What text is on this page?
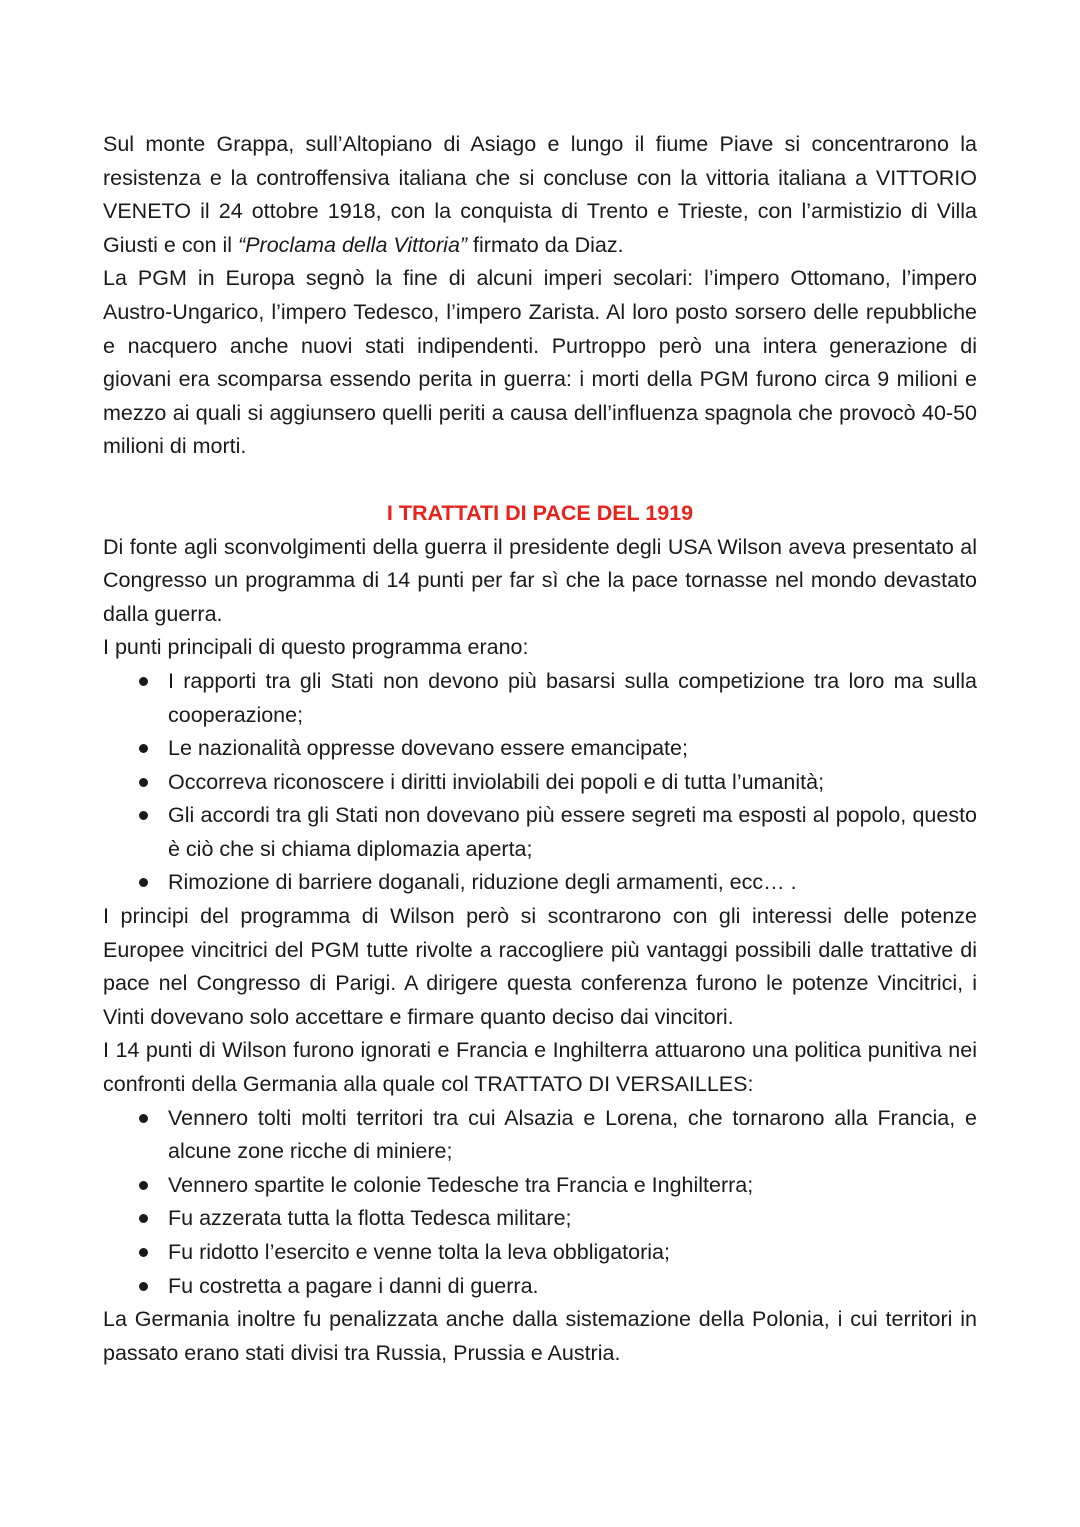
Sul monte Grappa, sull’Altopiano di Asiago e lungo il fiume Piave si concentrarono la resistenza e la controffensiva italiana che si concluse con la vittoria italiana a VITTORIO VENETO il 24 ottobre 1918, con la conquista di Trento e Trieste, con l’armistizio di Villa Giusti e con il “Proclama della Vittoria” firmato da Diaz.

La PGM in Europa segnò la fine di alcuni imperi secolari: l’impero Ottomano, l’impero Austro-Ungarico, l’impero Tedesco, l’impero Zarista. Al loro posto sorsero delle repubbliche e nacquero anche nuovi stati indipendenti. Purtroppo però una intera generazione di giovani era scomparsa essendo perita in guerra: i morti della PGM furono circa 9 milioni e mezzo ai quali si aggiunsero quelli periti a causa dell’influenza spagnola che provocò 40-50 milioni di morti.

I TRATTATI DI PACE DEL 1919

Di fonte agli sconvolgimenti della guerra il presidente degli USA Wilson aveva presentato al Congresso un programma di 14 punti per far sì che la pace tornasse nel mondo devastato dalla guerra.

I punti principali di questo programma erano:

I rapporti tra gli Stati non devono più basarsi sulla competizione tra loro ma sulla cooperazione;
Le nazionalità oppresse dovevano essere emancipate;
Occorreva riconoscere i diritti inviolabili dei popoli e di tutta l’umanità;
Gli accordi tra gli Stati non dovevano più essere segreti ma esposti al popolo, questo è ciò che si chiama diplomazia aperta;
Rimozione di barriere doganali, riduzione degli armamenti, ecc… .

I principi del programma di Wilson però si scontrarono con gli interessi delle potenze Europee vincitrici del PGM tutte rivolte a raccogliere più vantaggi possibili dalle trattative di pace nel Congresso di Parigi. A dirigere questa conferenza furono le potenze Vincitrici, i Vinti dovevano solo accettare e firmare quanto deciso dai vincitori.

I 14 punti di Wilson furono ignorati e Francia e Inghilterra attuarono una politica punitiva nei confronti della Germania alla quale col TRATTATO DI VERSAILLES:

Vennero tolti molti territori tra cui Alsazia e Lorena, che tornarono alla Francia, e alcune zone ricche di miniere;
Vennero spartite le colonie Tedesche tra Francia e Inghilterra;
Fu azzerata tutta la flotta Tedesca militare;
Fu ridotto l’esercito e venne tolta la leva obbligatoria;
Fu costretta a pagare i danni di guerra.

La Germania inoltre fu penalizzata anche dalla sistemazione della Polonia, i cui territori in passato erano stati divisi tra Russia, Prussia e Austria.
